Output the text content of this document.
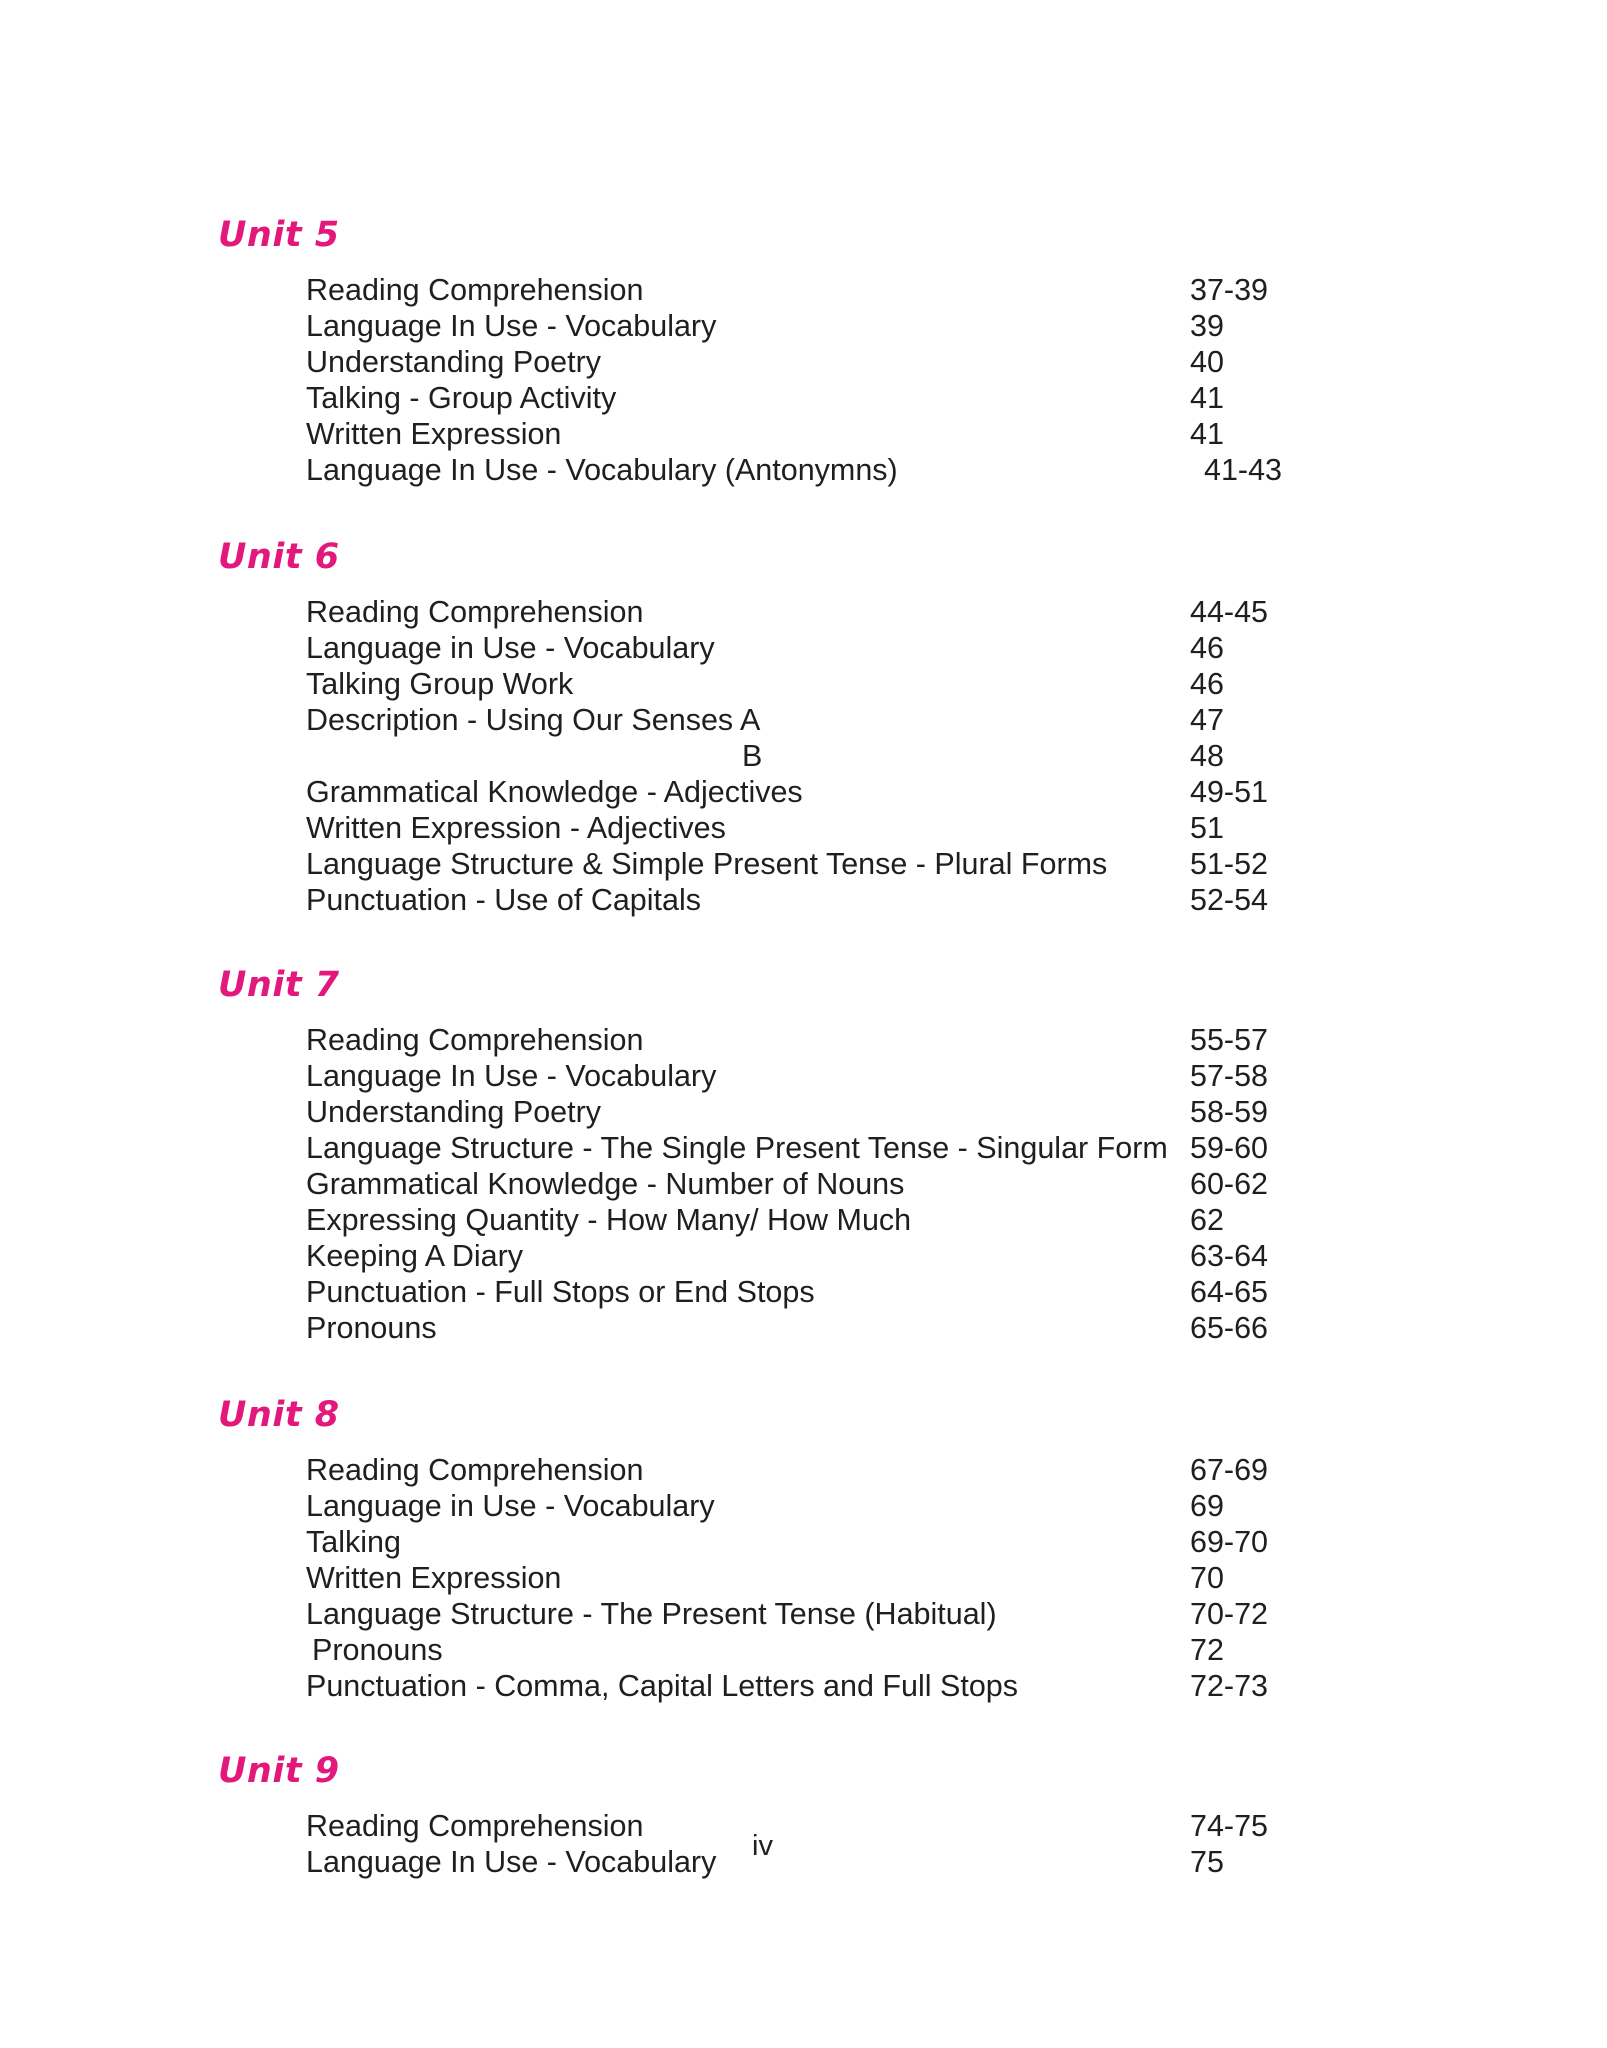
Unit 5
Reading Comprehension	37-39
Language In Use - Vocabulary	39
Understanding Poetry	40
Talking - Group Activity	41
Written Expression	41
Language In Use - Vocabulary (Antonymns)	41-43
Unit 6
Reading Comprehension	44-45
Language in Use - Vocabulary	46
Talking Group Work	46
Description - Using Our Senses A	47
B	48
Grammatical Knowledge - Adjectives	49-51
Written Expression - Adjectives	51
Language Structure & Simple Present Tense - Plural Forms	51-52
Punctuation - Use of Capitals	52-54
Unit 7
Reading Comprehension	55-57
Language In Use - Vocabulary	57-58
Understanding Poetry	58-59
Language Structure - The Single Present Tense - Singular Form 59-60
Grammatical Knowledge - Number of Nouns	60-62
Expressing Quantity - How Many/ How Much	62
Keeping A Diary	63-64
Punctuation - Full Stops or End Stops	64-65
Pronouns	65-66
Unit 8
Reading Comprehension	67-69
Language in Use - Vocabulary	69
Talking	69-70
Written Expression	70
Language Structure - The Present Tense (Habitual)	70-72
Pronouns	72
Punctuation - Comma, Capital Letters and Full Stops	72-73
Unit 9
Reading Comprehension	74-75
Language In Use - Vocabulary	75
iv
